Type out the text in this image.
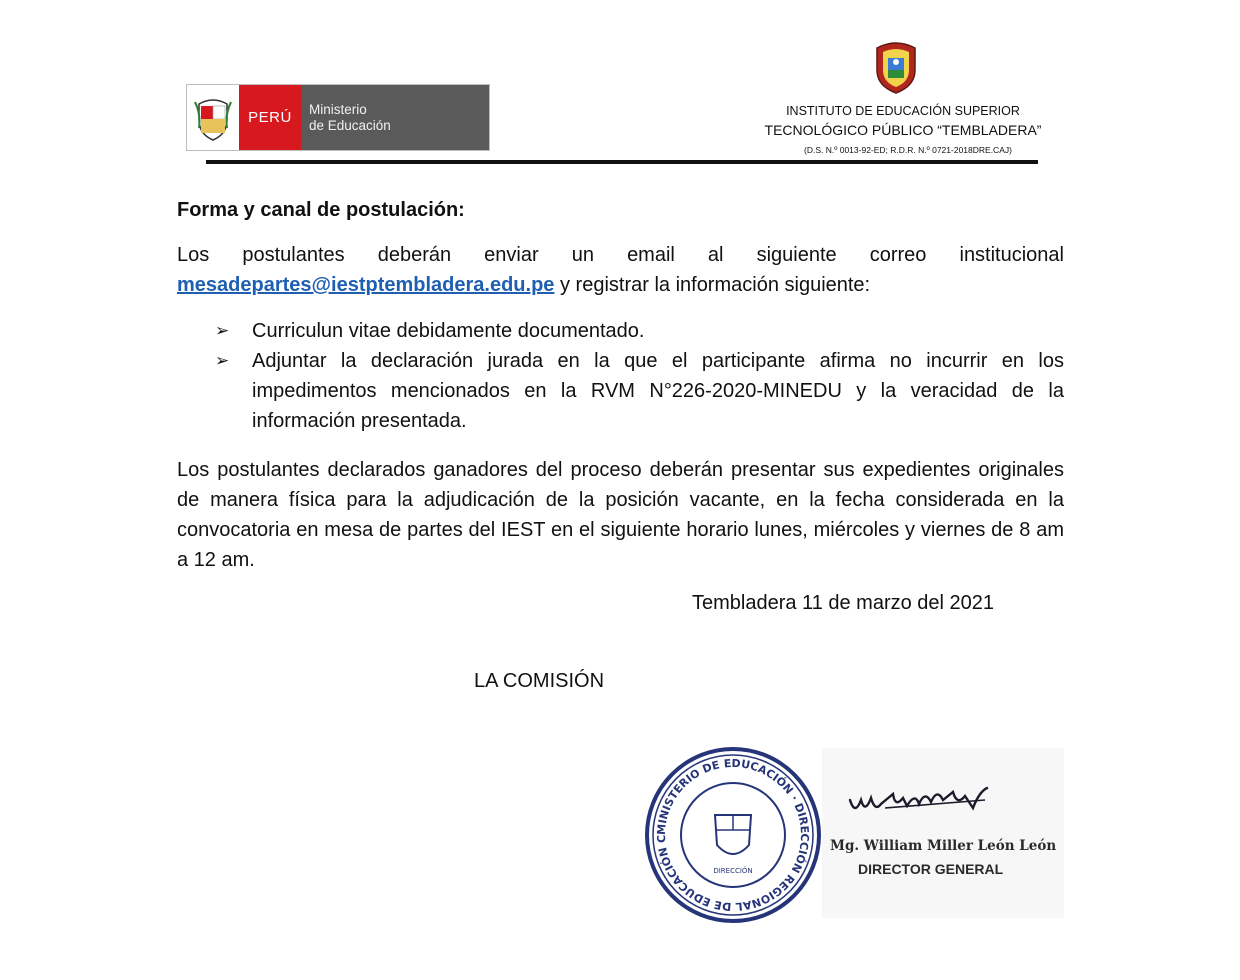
PERÚ	Ministerio
de Educación
INSTITUTO DE EDUCACIÓN SUPERIOR
TECNOLÓGICO PÚBLICO “TEMBLADERA”
(D.S. N.º 0013-92-ED; R.D.R. N.º 0721-2018DRE.CAJ)
Forma y canal de postulación:
Los postulantes deberán enviar un email al siguiente correo institucional mesadepartes@iestptembladera.edu.pe y registrar la información siguiente:
➢ Curriculun vitae debidamente documentado.
➢ Adjuntar la declaración jurada en la que el participante afirma no incurrir en los impedimentos mencionados en la RVM N°226-2020-MINEDU y la veracidad de la información presentada.
Los postulantes declarados ganadores del proceso deberán presentar sus expedientes originales de manera física para la adjudicación de la posición vacante, en la fecha considerada en la convocatoria en mesa de partes del IEST en el siguiente horario lunes, miércoles y viernes de 8 am a 12 am.
Tembladera 11 de marzo del 2021
LA COMISIÓN
MINISTERIO DE EDUCACIÓN · DIRECCIÓN REGIONAL DE EDUCACIÓN C
DIRECCIÓN
Mg. William Miller León León
DIRECTOR GENERAL
